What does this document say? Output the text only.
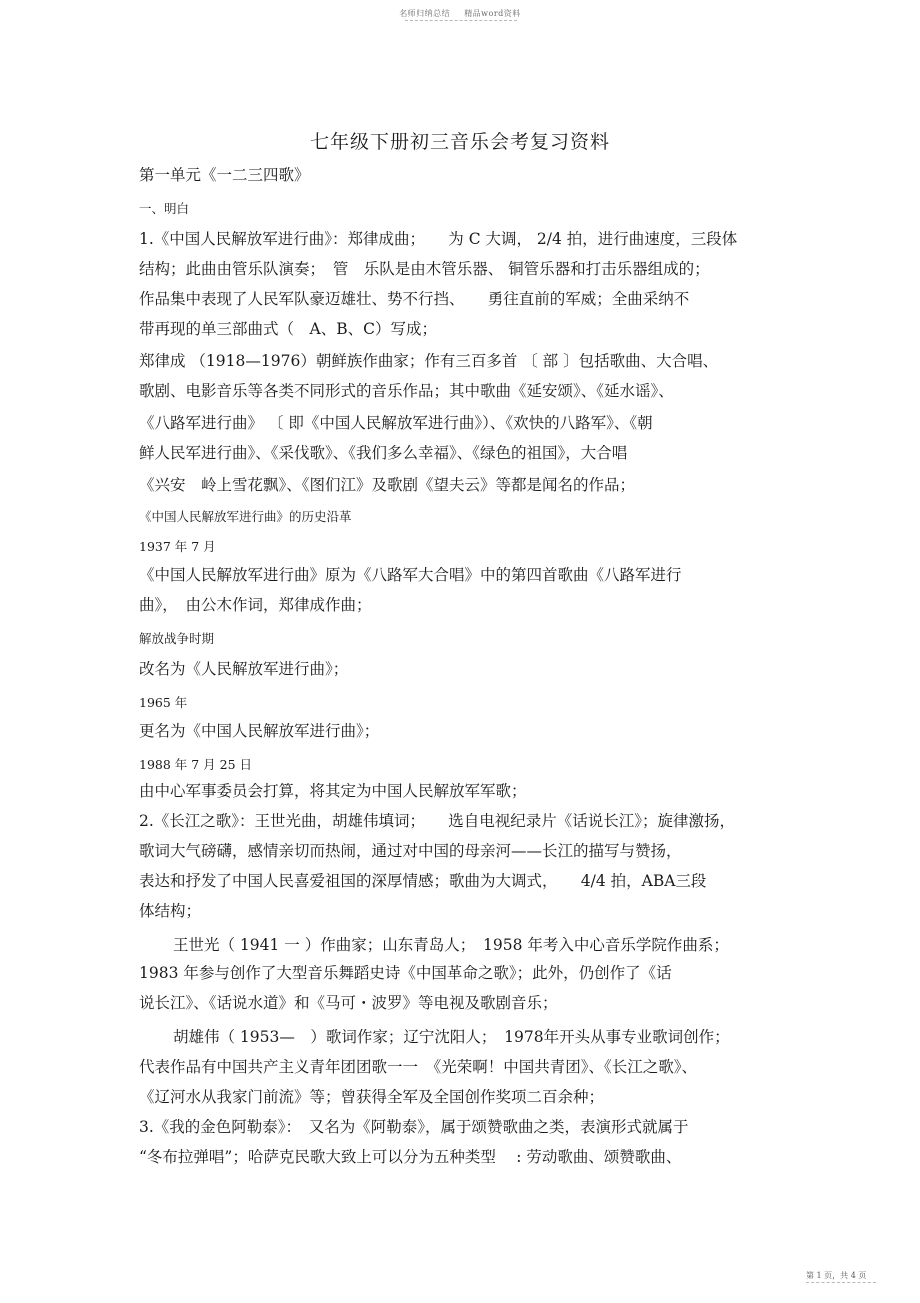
名师归纳总结 精品word资料
七年级下册初三音乐会考复习资料
第一单元《一二三四歌》
一、明白
1.《中国人民解放军进行曲》：郑律成曲；　　为 C 大调， 2/4 拍，进行曲速度，三段体
结构；此曲由管乐队演奏；　管　乐队是由木管乐器、 铜管乐器和打击乐器组成的；
作品集中表现了人民军队豪迈雄壮、势不行挡、　　勇往直前的军威；全曲采纳不
带再现的单三部曲式（　A、B、C）写成；
郑律成 （1918—1976）朝鲜族作曲家；作有三百多首 〔 部 〕包括歌曲、大合唱、
歌剧、电影音乐等各类不同形式的音乐作品；其中歌曲《延安颂》、《延水谣》、
《八路军进行曲》 〔 即《中国人民解放军进行曲》）、《欢快的八路军》、《朝
鲜人民军进行曲》、《采伐歌》、《我们多么幸福》、《绿色的祖国》，大合唱
《兴安　岭上雪花飘》、《图们江》及歌剧《望夫云》等都是闻名的作品；
《中国人民解放军进行曲》的历史沿革
1937 年 7 月
《中国人民解放军进行曲》原为《八路军大合唱》中的第四首歌曲《八路军进行
曲》，　由公木作词，郑律成作曲；
解放战争时期
改名为《人民解放军进行曲》；
1965 年
更名为《中国人民解放军进行曲》；
1988 年 7 月 25 日
由中心军事委员会打算，将其定为中国人民解放军军歌；
2.《长江之歌》：王世光曲，胡雄伟填词；　　选自电视纪录片《话说长江》；旋律激扬，
歌词大气磅礴，感情亲切而热闹，通过对中国的母亲河——长江的描写与赞扬，
表达和抒发了中国人民喜爱祖国的深厚情感；歌曲为大调式，　　4/4 拍，ABA三段
体结构；
王世光（ 1941 一 ）作曲家；山东青岛人；　1958 年考入中心音乐学院作曲系；
1983 年参与创作了大型音乐舞蹈史诗《中国革命之歌》；此外，仍创作了《话
说长江》、《话说水道》和《马可・波罗》等电视及歌剧音乐；
胡雄伟（ 1953—　）歌词作家；辽宁沈阳人；　1978年开头从事专业歌词创作；
代表作品有中国共产主义青年团团歌一一　《光荣啊！中国共青团》、《长江之歌》、
《辽河水从我家门前流》等；曾获得全军及全国创作奖项二百余种；
3.《我的金色阿勒泰》：　又名为《阿勒泰》，属于颂赞歌曲之类，表演形式就属于
“冬布拉弹唱”；哈萨克民歌大致上可以分为五种类型　 : 劳动歌曲、颂赞歌曲、
第 1 页，共 4 页
